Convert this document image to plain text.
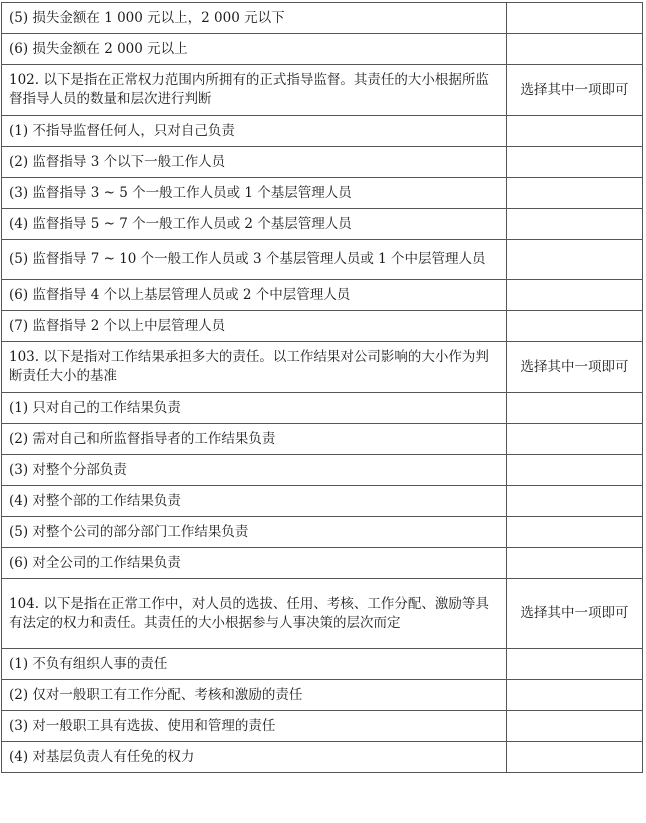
(5) 损失金额在 1 000 元以上，2 000 元以下	
(6) 损失金额在 2 000 元以上	
102. 以下是指在正常权力范围内所拥有的正式指导监督。其责任的大小根据所监督指导人员的数量和层次进行判断	选择其中一项即可
(1) 不指导监督任何人，只对自己负责	
(2) 监督指导 3 个以下一般工作人员	
(3) 监督指导 3 ~ 5 个一般工作人员或 1 个基层管理人员	
(4) 监督指导 5 ~ 7 个一般工作人员或 2 个基层管理人员	
(5) 监督指导 7 ~ 10 个一般工作人员或 3 个基层管理人员或 1 个中层管理人员	
(6) 监督指导 4 个以上基层管理人员或 2 个中层管理人员	
(7) 监督指导 2 个以上中层管理人员	
103. 以下是指对工作结果承担多大的责任。以工作结果对公司影响的大小作为判断责任大小的基准	选择其中一项即可
(1) 只对自己的工作结果负责	
(2) 需对自己和所监督指导者的工作结果负责	
(3) 对整个分部负责	
(4) 对整个部的工作结果负责	
(5) 对整个公司的部分部门工作结果负责	
(6) 对全公司的工作结果负责	
104. 以下是指在正常工作中，对人员的选拔、任用、考核、工作分配、激励等具有法定的权力和责任。其责任的大小根据参与人事决策的层次而定	选择其中一项即可
(1) 不负有组织人事的责任	
(2) 仅对一般职工有工作分配、考核和激励的责任	
(3) 对一般职工具有选拔、使用和管理的责任	
(4) 对基层负责人有任免的权力	
